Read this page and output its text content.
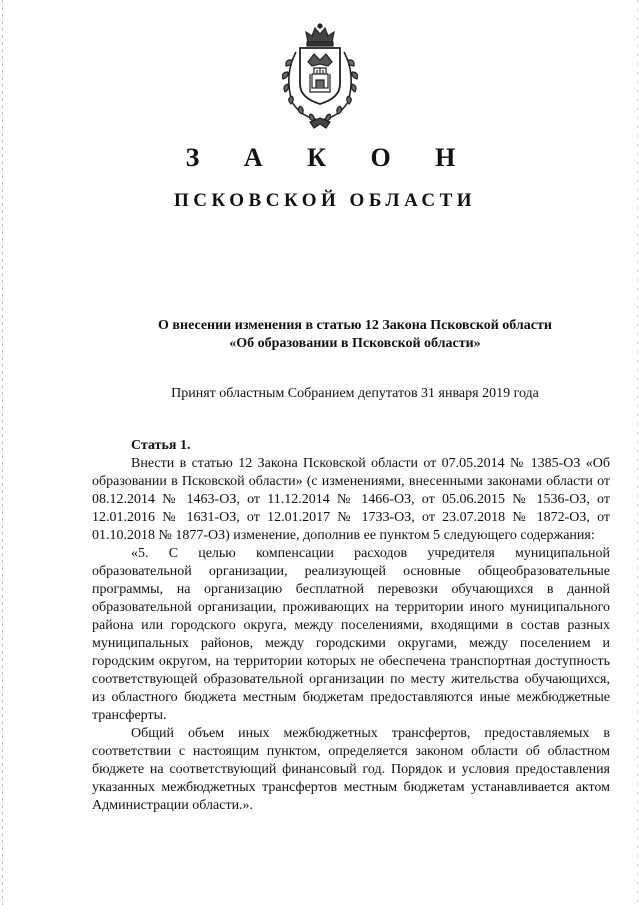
З А К О Н
ПСКОВСКОЙ ОБЛАСТИ
О внесении изменения в статью 12 Закона Псковской области
«Об образовании в Псковской области»
Принят областным Собранием депутатов 31 января 2019 года
Статья 1.

Внести в статью 12 Закона Псковской области от 07.05.2014 № 1385-ОЗ «Об образовании в Псковской области» (с изменениями, внесенными законами области от 08.12.2014 № 1463-ОЗ, от 11.12.2014 № 1466-ОЗ, от 05.06.2015 № 1536-ОЗ, от 12.01.2016 № 1631-ОЗ, от 12.01.2017 № 1733-ОЗ, от 23.07.2018 № 1872-ОЗ, от 01.10.2018 № 1877-ОЗ) изменение, дополнив ее пунктом 5 следующего содержания:

«5. С целью компенсации расходов учредителя муниципальной образовательной организации, реализующей основные общеобразовательные программы, на организацию бесплатной перевозки обучающихся в данной образовательной организации, проживающих на территории иного муниципального района или городского округа, между поселениями, входящими в состав разных муниципальных районов, между городскими округами, между поселением и городским округом, на территории которых не обеспечена транспортная доступность соответствующей образовательной организации по месту жительства обучающихся, из областного бюджета местным бюджетам предоставляются иные межбюджетные трансферты.

Общий объем иных межбюджетных трансфертов, предоставляемых в соответствии с настоящим пунктом, определяется законом области об областном бюджете на соответствующий финансовый год. Порядок и условия предоставления указанных межбюджетных трансфертов местным бюджетам устанавливается актом Администрации области.».
